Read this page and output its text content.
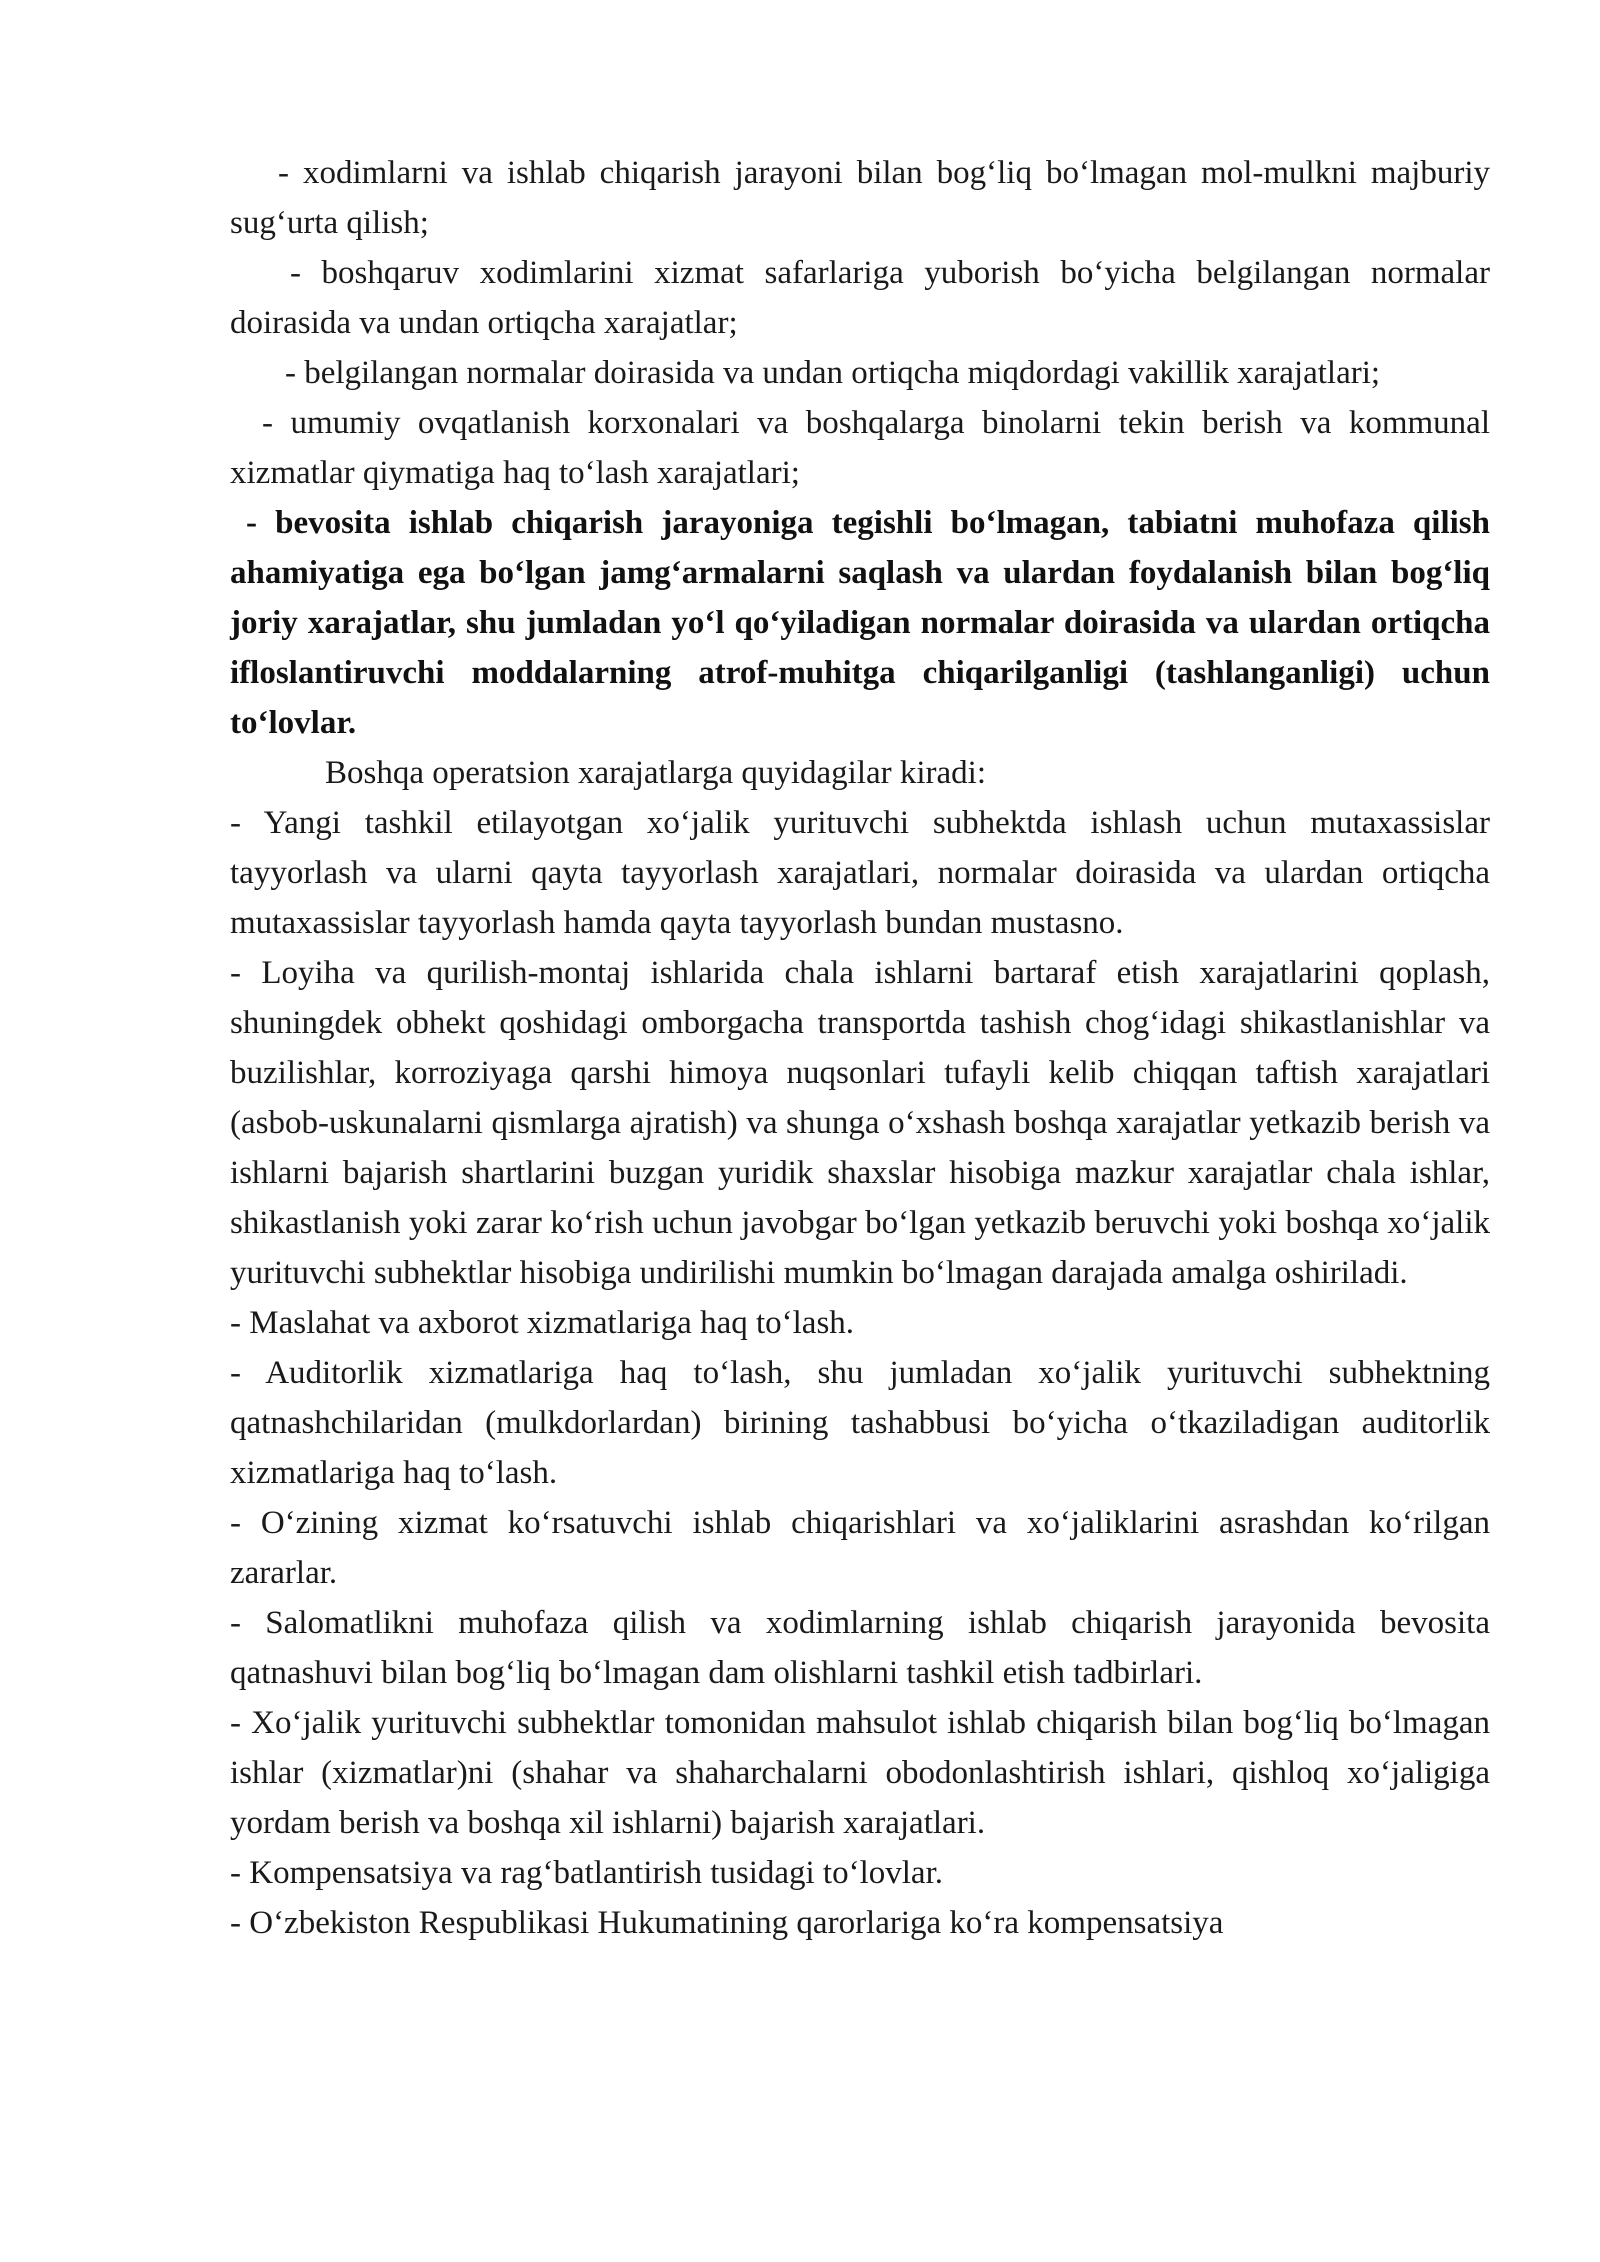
- xodimlarni va ishlab chiqarish jarayoni bilan bog‘liq bo‘lmagan mol-mulkni majburiy sug‘urta qilish;

- boshqaruv xodimlarini xizmat safarlariga yuborish bo‘yicha belgilangan normalar doirasida va undan ortiqcha xarajatlar;

- belgilangan normalar doirasida va undan ortiqcha miqdordagi vakillik xarajatlari;

- umumiy ovqatlanish korxonalari va boshqalarga binolarni tekin berish va kommunal xizmatlar qiymatiga haq to‘lash xarajatlari;

- bevosita ishlab chiqarish jarayoniga tegishli bo‘lmagan, tabiatni muhofaza qilish ahamiyatiga ega bo‘lgan jamg‘armalarni saqlash va ulardan foydalanish bilan bog‘liq joriy xarajatlar, shu jumladan yo‘l qo‘yiladigan normalar doirasida va ulardan ortiqcha ifloslantiruvchi moddalarning atrof-muhitga chiqarilganligi (tashlanganligi) uchun to‘lovlar.

Boshqa operatsion xarajatlarga quyidagilar kiradi:

- Yangi tashkil etilayotgan xo‘jalik yurituvchi subhektda ishlash uchun mutaxassislar tayyorlash va ularni qayta tayyorlash xarajatlari, normalar doirasida va ulardan ortiqcha mutaxassislar tayyorlash hamda qayta tayyorlash bundan mustasno.

- Loyiha va qurilish-montaj ishlarida chala ishlarni bartaraf etish xarajatlarini qoplash, shuningdek obhekt qoshidagi omborgacha transportda tashish chog‘idagi shikastlanishlar va buzilishlar, korroziyaga qarshi himoya nuqsonlari tufayli kelib chiqqan taftish xarajatlari (asbob-uskunalarni qismlarga ajratish) va shunga o‘xshash boshqa xarajatlar yetkazib berish va ishlarni bajarish shartlarini buzgan yuridik shaxslar hisobiga mazkur xarajatlar chala ishlar, shikastlanish yoki zarar ko‘rish uchun javobgar bo‘lgan yetkazib beruvchi yoki boshqa xo‘jalik yurituvchi subhektlar hisobiga undirilishi mumkin bo‘lmagan darajada amalga oshiriladi.

- Maslahat va axborot xizmatlariga haq to‘lash.

- Auditorlik xizmatlariga haq to‘lash, shu jumladan xo‘jalik yurituvchi subhektning qatnashchilaridan (mulkdorlardan) birining tashabbusi bo‘yicha o‘tkaziladigan auditorlik xizmatlariga haq to‘lash.

- O‘zining xizmat ko‘rsatuvchi ishlab chiqarishlari va xo‘jaliklarini asrashdan ko‘rilgan zararlar.

- Salomatlikni muhofaza qilish va xodimlarning ishlab chiqarish jarayonida bevosita qatnashuvi bilan bog‘liq bo‘lmagan dam olishlarni tashkil etish tadbirlari.

- Xo‘jalik yurituvchi subhektlar tomonidan mahsulot ishlab chiqarish bilan bog‘liq bo‘lmagan ishlar (xizmatlar)ni (shahar va shaharchalarni obodonlashtirish ishlari, qishloq xo‘jaligiga yordam berish va boshqa xil ishlarni) bajarish xarajatlari.

- Kompensatsiya va rag‘batlantirish tusidagi to‘lovlar.

- O‘zbekiston Respublikasi Hukumatining qarorlariga ko‘ra kompensatsiya
